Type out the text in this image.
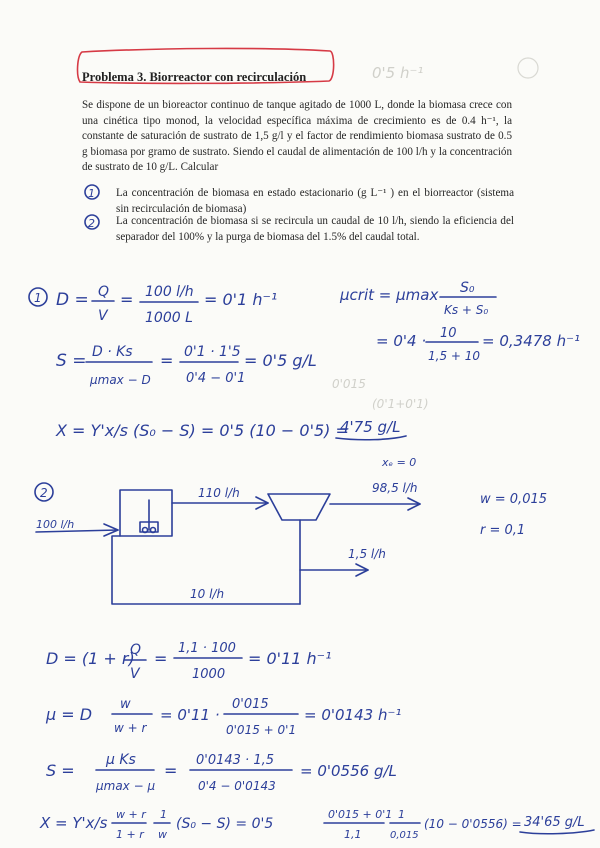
Problema 3. Biorreactor con recirculación
Se dispone de un bioreactor continuo de tanque agitado de 1000 L, donde la biomasa crece con una cinética tipo monod, la velocidad específica máxima de crecimiento es de 0.4 h⁻¹, la constante de saturación de sustrato de 1,5 g/l y el factor de rendimiento biomasa sustrato de 0.5 g biomasa por gramo de sustrato. Siendo el caudal de alimentación de 100 l/h y la concentración de sustrato de 10 g/L. Calcular
La concentración de biomasa en estado estacionario (g L⁻¹ ) en el biorreactor (sistema sin recirculación de biomasa)
La concentración de biomasa si se recircula un caudal de 10 l/h, siendo la eficiencia del separador del 100% y la purga de biomasa del 1.5% del caudal total.
0'5 h⁻¹
0'015
(0'1+0'1)
1
2
1 D = Q
V
= 100 l/h
1000 L
= 0'1 h⁻¹	μcrit = μmax S₀
Ks + S₀
= 0'4 · 10
1,5 + 10
= 0,3478 h⁻¹
S = D · Ks
μmax − D
= 0'1 · 1'5
0'4 − 0'1
= 0'5 g/L
X = Y'x/s (S₀ − S) = 0'5 (10 − 0'5) =
4'75 g/L
2
100 l/h
110 l/h
xₑ = 0
98,5 l/h
1,5 l/h
10 l/h
w = 0,015
r = 0,1
D = (1 + r)
Q
V
=
1,1 · 100
1000
= 0'11 h⁻¹
μ = D
w
w + r
= 0'11 ·
0'015
0'015 + 0'1
= 0'0143 h⁻¹
S =
μ Ks
μmax − μ
=
0'0143 · 1,5
0'4 − 0'0143
= 0'0556 g/L
X = Y'x/s w + r
1 + r
1
w
(S₀ − S) = 0'5
0'015 + 0'1
1,1
1
0,015
(10 − 0'0556) = 34'65 g/L
